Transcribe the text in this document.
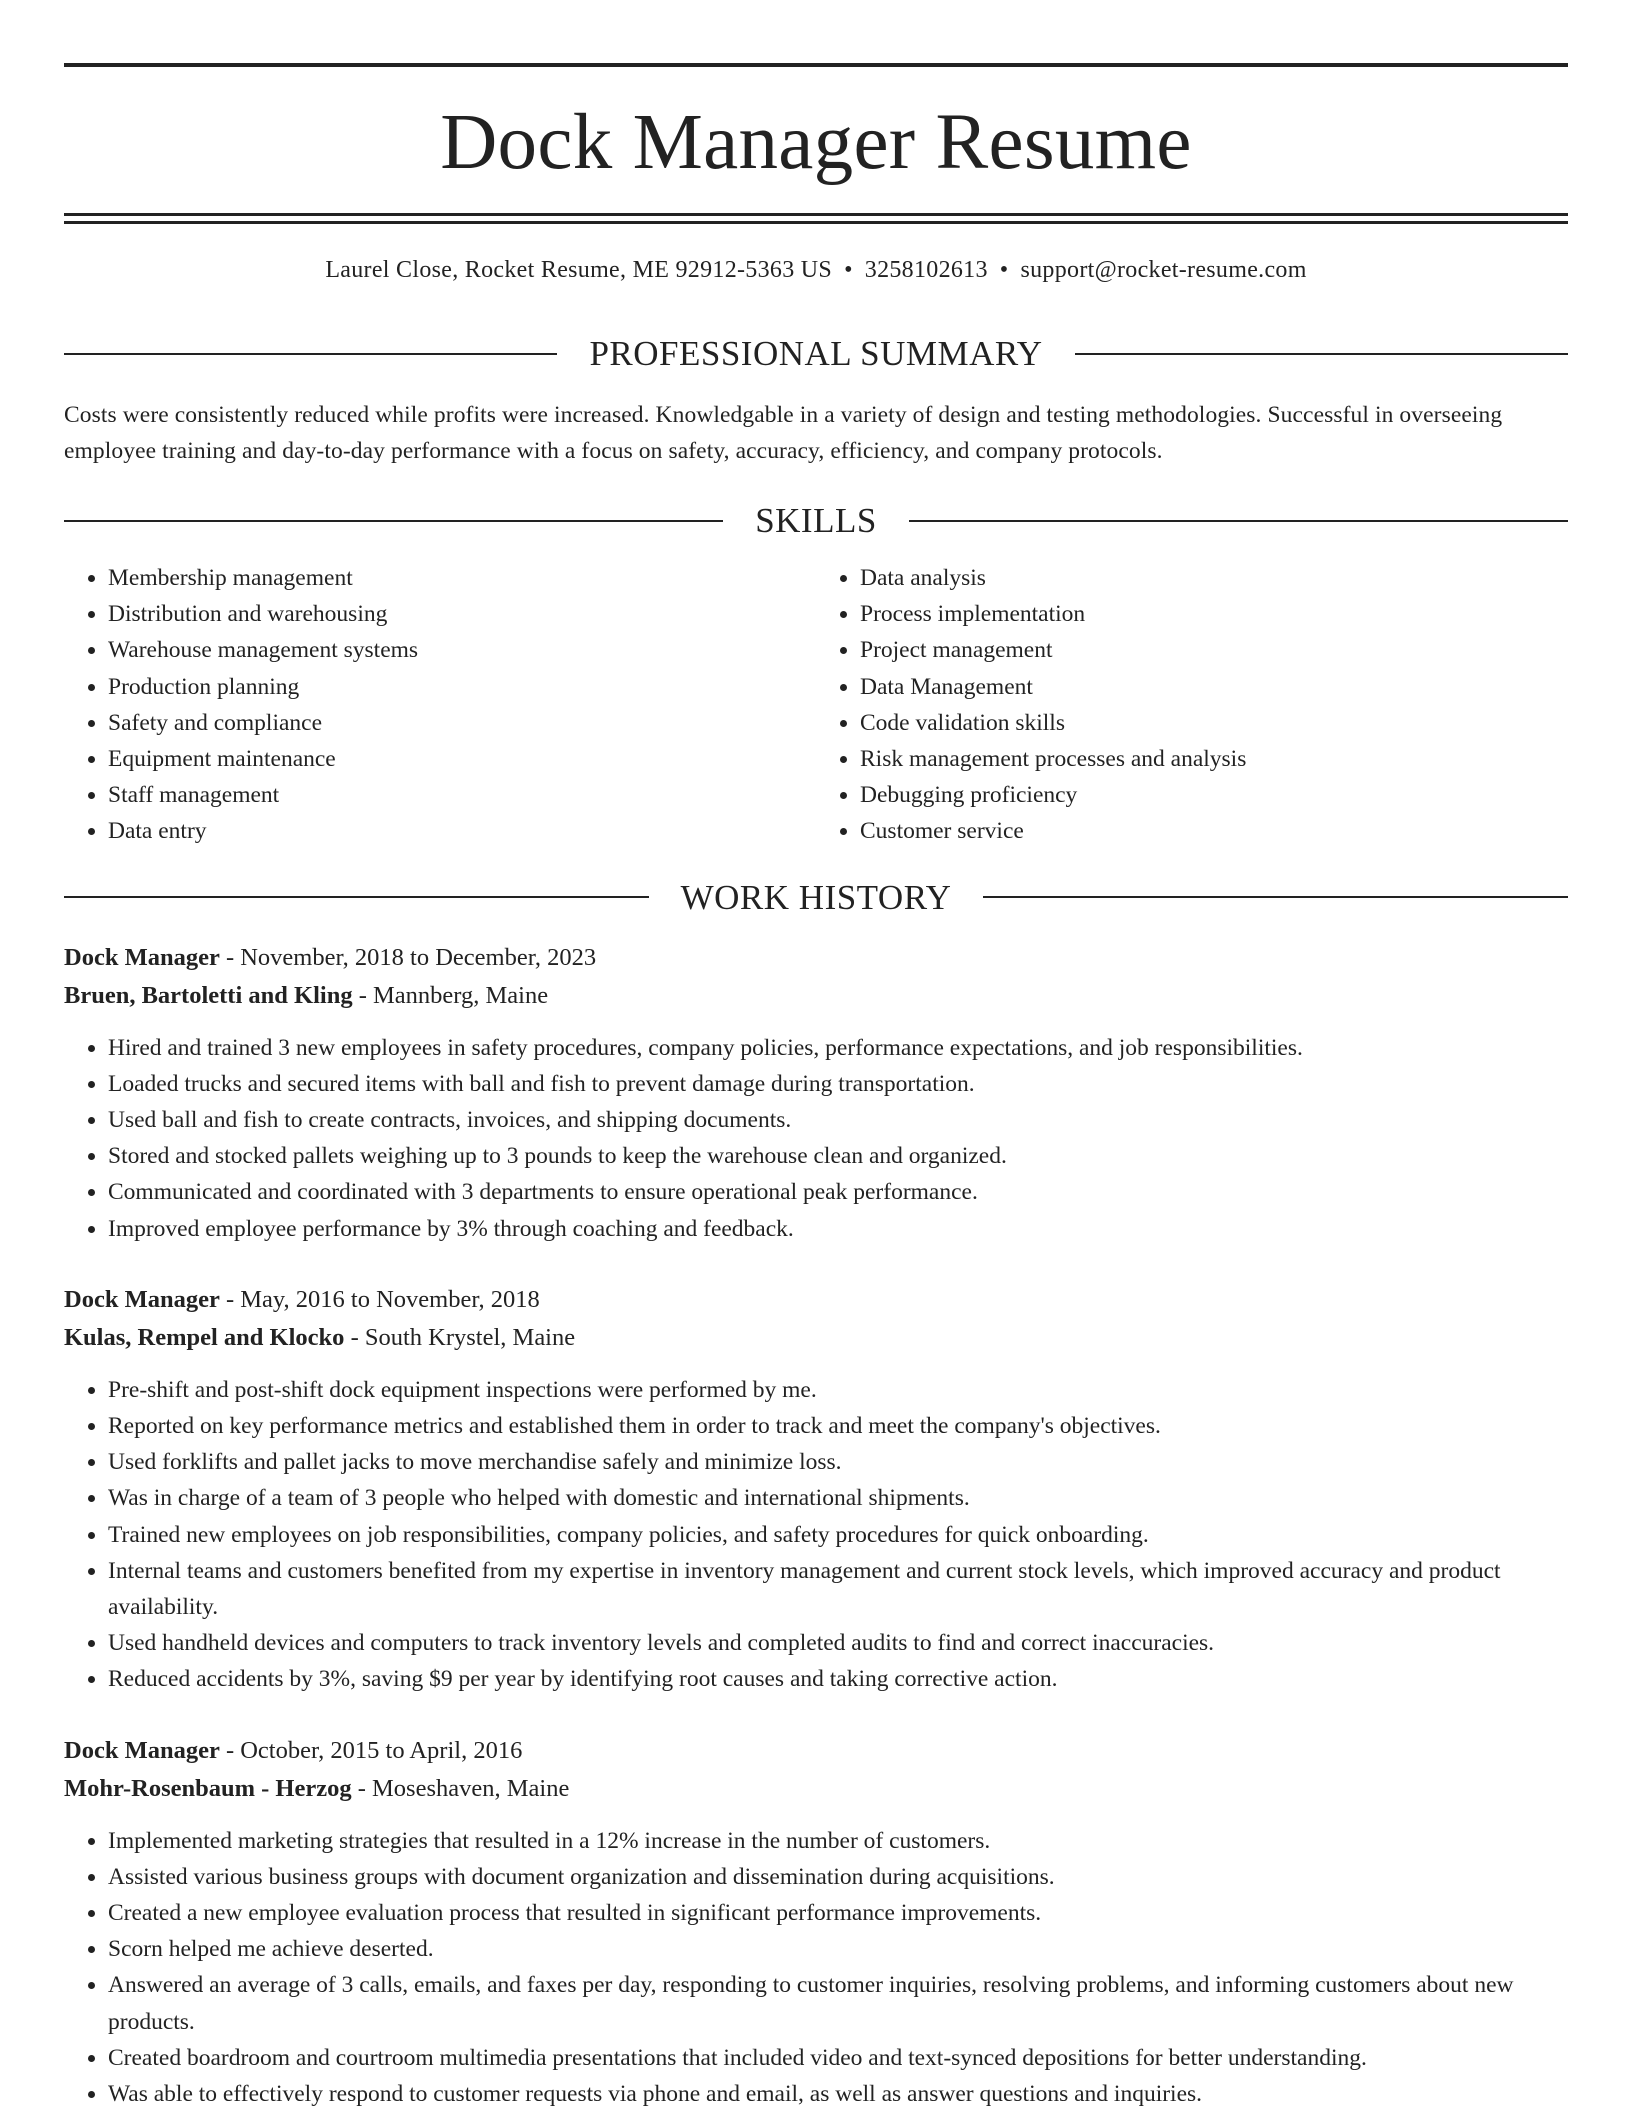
Dock Manager Resume
Laurel Close, Rocket Resume, ME 92912-5363 US • 3258102613 • support@rocket-resume.com
PROFESSIONAL SUMMARY
Costs were consistently reduced while profits were increased. Knowledgable in a variety of design and testing methodologies. Successful in overseeing employee training and day-to-day performance with a focus on safety, accuracy, efficiency, and company protocols.
SKILLS
• Membership management
• Distribution and warehousing
• Warehouse management systems
• Production planning
• Safety and compliance
• Equipment maintenance
• Staff management
• Data entry
• Data analysis
• Process implementation
• Project management
• Data Management
• Code validation skills
• Risk management processes and analysis
• Debugging proficiency
• Customer service
WORK HISTORY
Dock Manager - November, 2018 to December, 2023
Bruen, Bartoletti and Kling - Mannberg, Maine
• Hired and trained 3 new employees in safety procedures, company policies, performance expectations, and job responsibilities.
• Loaded trucks and secured items with ball and fish to prevent damage during transportation.
• Used ball and fish to create contracts, invoices, and shipping documents.
• Stored and stocked pallets weighing up to 3 pounds to keep the warehouse clean and organized.
• Communicated and coordinated with 3 departments to ensure operational peak performance.
• Improved employee performance by 3% through coaching and feedback.
Dock Manager - May, 2016 to November, 2018
Kulas, Rempel and Klocko - South Krystel, Maine
• Pre-shift and post-shift dock equipment inspections were performed by me.
• Reported on key performance metrics and established them in order to track and meet the company's objectives.
• Used forklifts and pallet jacks to move merchandise safely and minimize loss.
• Was in charge of a team of 3 people who helped with domestic and international shipments.
• Trained new employees on job responsibilities, company policies, and safety procedures for quick onboarding.
• Internal teams and customers benefited from my expertise in inventory management and current stock levels, which improved accuracy and product availability.
• Used handheld devices and computers to track inventory levels and completed audits to find and correct inaccuracies.
• Reduced accidents by 3%, saving $9 per year by identifying root causes and taking corrective action.
Dock Manager - October, 2015 to April, 2016
Mohr-Rosenbaum - Herzog - Moseshaven, Maine
• Implemented marketing strategies that resulted in a 12% increase in the number of customers.
• Assisted various business groups with document organization and dissemination during acquisitions.
• Created a new employee evaluation process that resulted in significant performance improvements.
• Scorn helped me achieve deserted.
• Answered an average of 3 calls, emails, and faxes per day, responding to customer inquiries, resolving problems, and informing customers about new products.
• Created boardroom and courtroom multimedia presentations that included video and text-synced depositions for better understanding.
• Was able to effectively respond to customer requests via phone and email, as well as answer questions and inquiries.
